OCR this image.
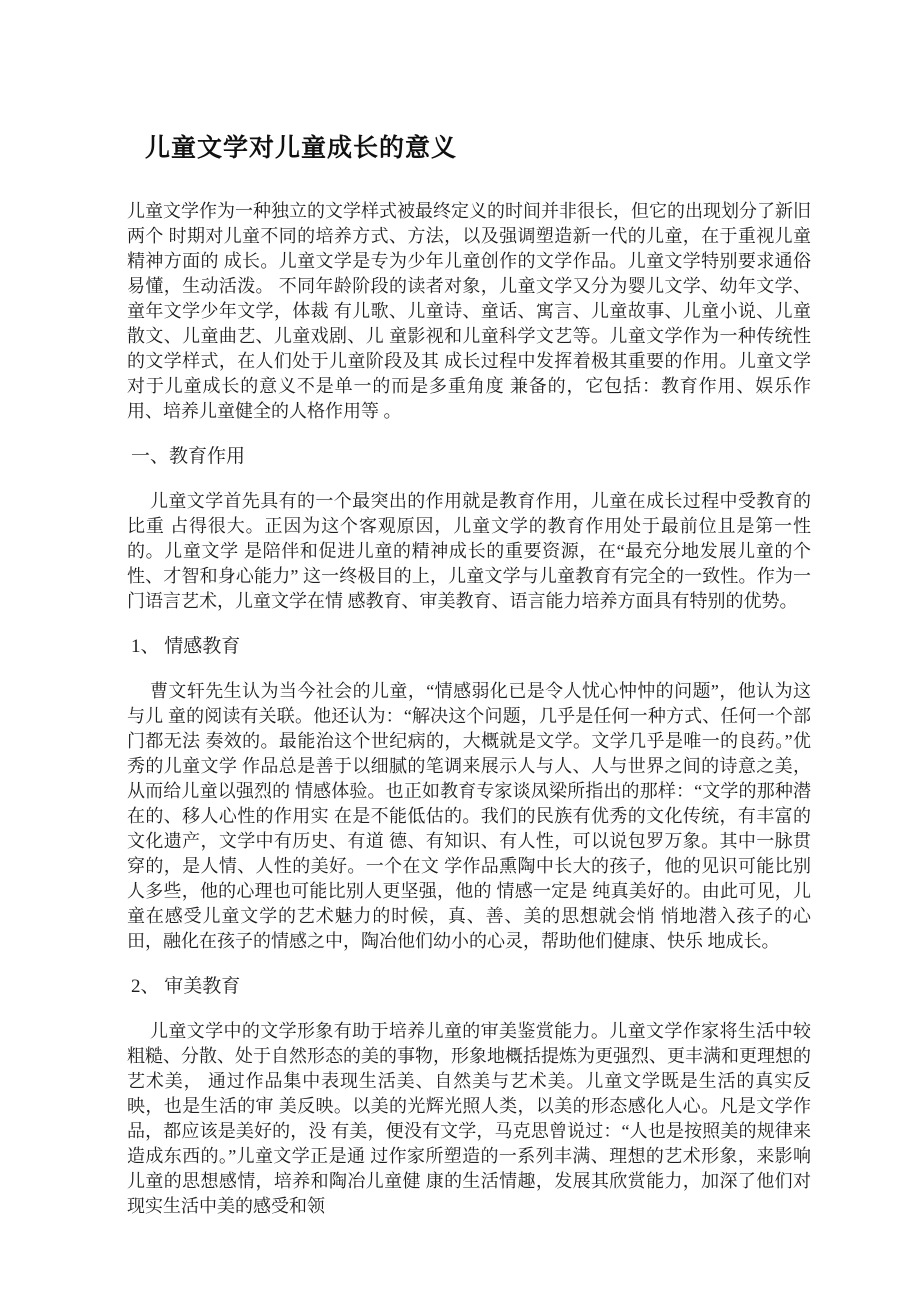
儿童文学对儿童成长的意义

儿童文学作为一种独立的文学样式被最终定义的时间并非很长，但它的出现划分了新旧两个 时期对儿童不同的培养方式、方法，以及强调塑造新一代的儿童，在于重视儿童精神方面的 成长。儿童文学是专为少年儿童创作的文学作品。儿童文学特别要求通俗易懂，生动活泼。 不同年龄阶段的读者对象，儿童文学又分为婴儿文学、幼年文学、童年文学少年文学，体裁 有儿歌、儿童诗、童话、寓言、儿童故事、儿童小说、儿童散文、儿童曲艺、儿童戏剧、儿 童影视和儿童科学文艺等。儿童文学作为一种传统性的文学样式，在人们处于儿童阶段及其 成长过程中发挥着极其重要的作用。儿童文学对于儿童成长的意义不是单一的而是多重角度 兼备的，它包括：教育作用、娱乐作用、培养儿童健全的人格作用等 。

一、教育作用

儿童文学首先具有的一个最突出的作用就是教育作用，儿童在成长过程中受教育的比重 占得很大。正因为这个客观原因，儿童文学的教育作用处于最前位且是第一性的。儿童文学 是陪伴和促进儿童的精神成长的重要资源，在“最充分地发展儿童的个性、才智和身心能力” 这一终极目的上，儿童文学与儿童教育有完全的一致性。作为一门语言艺术，儿童文学在情 感教育、审美教育、语言能力培养方面具有特别的优势。

1、 情感教育

曹文轩先生认为当今社会的儿童，“情感弱化已是令人忧心忡忡的问题”，他认为这与儿 童的阅读有关联。他还认为：“解决这个问题，几乎是任何一种方式、任何一个部门都无法 奏效的。最能治这个世纪病的，大概就是文学。文学几乎是唯一的良药。”优秀的儿童文学 作品总是善于以细腻的笔调来展示人与人、人与世界之间的诗意之美，从而给儿童以强烈的 情感体验。也正如教育专家谈凤梁所指出的那样：“文学的那种潜在的、移人心性的作用实 在是不能低估的。我们的民族有优秀的文化传统，有丰富的文化遗产，文学中有历史、有道 德、有知识、有人性，可以说包罗万象。其中一脉贯穿的，是人情、人性的美好。一个在文 学作品熏陶中长大的孩子，他的见识可能比别人多些，他的心理也可能比别人更坚强，他的 情感一定是 纯真美好的。由此可见，儿童在感受儿童文学的艺术魅力的时候，真、善、美的思想就会悄 悄地潜入孩子的心田，融化在孩子的情感之中，陶冶他们幼小的心灵，帮助他们健康、快乐 地成长。

2、 审美教育

儿童文学中的文学形象有助于培养儿童的审美鉴赏能力。儿童文学作家将生活中较粗糙、分散、处于自然形态的美的事物，形象地概括提炼为更强烈、更丰满和更理想的艺术美， 通过作品集中表现生活美、自然美与艺术美。儿童文学既是生活的真实反映，也是生活的审 美反映。以美的光辉光照人类，以美的形态感化人心。凡是文学作品，都应该是美好的，没 有美，便没有文学，马克思曾说过：“人也是按照美的规律来造成东西的。”儿童文学正是通 过作家所塑造的一系列丰满、理想的艺术形象，来影响儿童的思想感情，培养和陶冶儿童健 康的生活情趣，发展其欣赏能力，加深了他们对现实生活中美的感受和领
